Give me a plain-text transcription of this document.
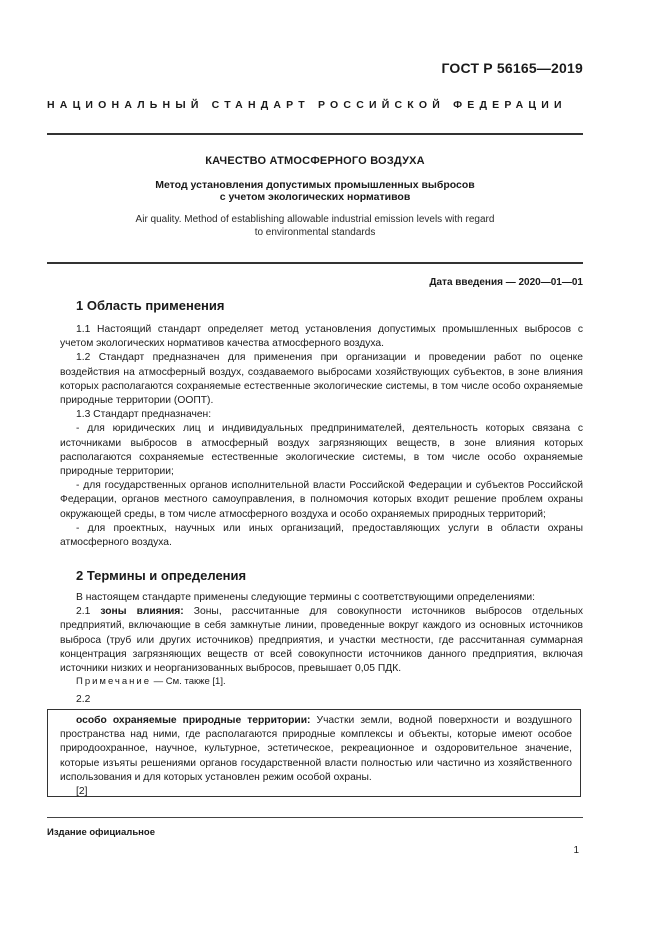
ГОСТ Р 56165—2019
НАЦИОНАЛЬНЫЙ СТАНДАРТ РОССИЙСКОЙ ФЕДЕРАЦИИ
КАЧЕСТВО АТМОСФЕРНОГО ВОЗДУХА
Метод установления допустимых промышленных выбросов
с учетом экологических нормативов
Air quality. Method of establishing allowable industrial emission levels with regard
to environmental standards
Дата введения — 2020—01—01
1 Область применения

1.1 Настоящий стандарт определяет метод установления допустимых промышленных выбросов с учетом экологических нормативов качества атмосферного воздуха.

1.2 Стандарт предназначен для применения при организации и проведении работ по оценке воздействия на атмосферный воздух, создаваемого выбросами хозяйствующих субъектов, в зоне влияния которых располагаются сохраняемые естественные экологические системы, в том числе особо охраняемые природные территории (ООПТ).

1.3 Стандарт предназначен:

- для юридических лиц и индивидуальных предпринимателей, деятельность которых связана с источниками выбросов в атмосферный воздух загрязняющих веществ, в зоне влияния которых располагаются сохраняемые естественные экологические системы, в том числе особо охраняемые природные территории;

- для государственных органов исполнительной власти Российской Федерации и субъектов Российской Федерации, органов местного самоуправления, в полномочия которых входит решение проблем охраны окружающей среды, в том числе атмосферного воздуха и особо охраняемых природных территорий;

- для проектных, научных или иных организаций, предоставляющих услуги в области охраны атмосферного воздуха.

2 Термины и определения

В настоящем стандарте применены следующие термины с соответствующими определениями:

2.1 зоны влияния: Зоны, рассчитанные для совокупности источников выбросов отдельных предприятий, включающие в себя замкнутые линии, проведенные вокруг каждого из основных источников выброса (труб или других источников) предприятия, и участки местности, где рассчитанная суммарная концентрация загрязняющих веществ от всей совокупности источников данного предприятия, включая источники низких и неорганизованных выбросов, превышает 0,05 ПДК.

Примечание — См. также [1].
2.2

особо охраняемые природные территории: Участки земли, водной поверхности и воздушного пространства над ними, где располагаются природные комплексы и объекты, которые имеют особое природоохранное, научное, культурное, эстетическое, рекреационное и оздоровительное значение, которые изъяты решениями органов государственной власти полностью или частично из хозяйственного использования и для которых установлен режим особой охраны.

[2]

Издание официальное
1
